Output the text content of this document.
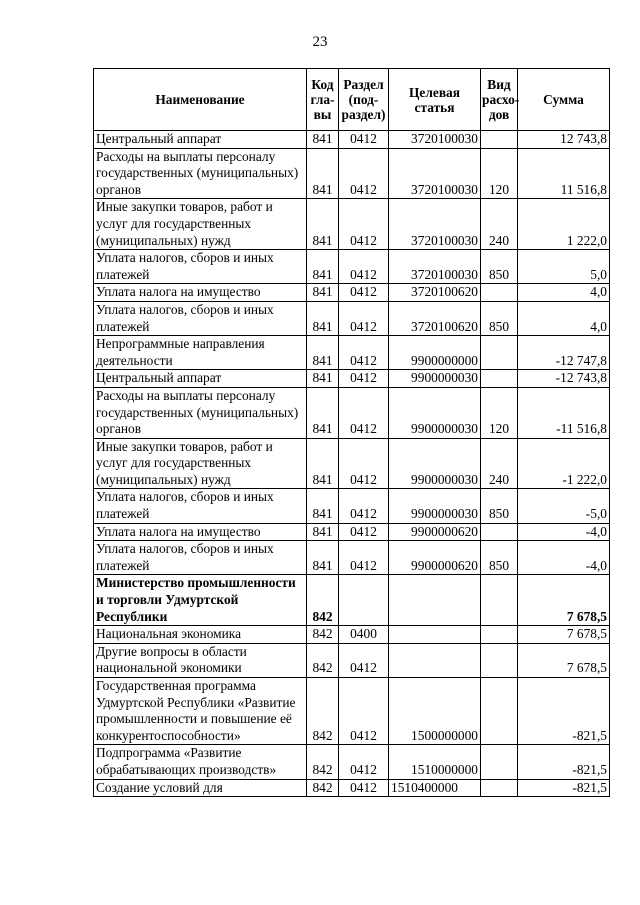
23
Наименование	Код гла-вы	Раздел (под-раздел)	Целевая статья	Вид расхо-дов	Сумма
Центральный аппарат	841	0412	3720100030		12 743,8
Расходы на выплаты персоналу государственных (муниципальных) органов	841	0412	3720100030	120	11 516,8
Иные закупки товаров, работ и услуг для государственных (муниципальных) нужд	841	0412	3720100030	240	1 222,0
Уплата налогов, сборов и иных платежей	841	0412	3720100030	850	5,0
Уплата налога на имущество	841	0412	3720100620		4,0
Уплата налогов, сборов и иных платежей	841	0412	3720100620	850	4,0
Непрограммные направления деятельности	841	0412	9900000000		-12 747,8
Центральный аппарат	841	0412	9900000030		-12 743,8
Расходы на выплаты персоналу государственных (муниципальных) органов	841	0412	9900000030	120	-11 516,8
Иные закупки товаров, работ и услуг для государственных (муниципальных) нужд	841	0412	9900000030	240	-1 222,0
Уплата налогов, сборов и иных платежей	841	0412	9900000030	850	-5,0
Уплата налога на имущество	841	0412	9900000620		-4,0
Уплата налогов, сборов и иных платежей	841	0412	9900000620	850	-4,0
Министерство промышленности и торговли Удмуртской Республики	842				7 678,5
Национальная экономика	842	0400			7 678,5
Другие вопросы в области национальной экономики	842	0412			7 678,5
Государственная программа Удмуртской Республики «Развитие промышленности и повышение её конкурентоспособности»	842	0412	1500000000		-821,5
Подпрограмма «Развитие обрабатывающих производств»	842	0412	1510000000		-821,5
Создание условий для	842	0412	1510400000		-821,5
